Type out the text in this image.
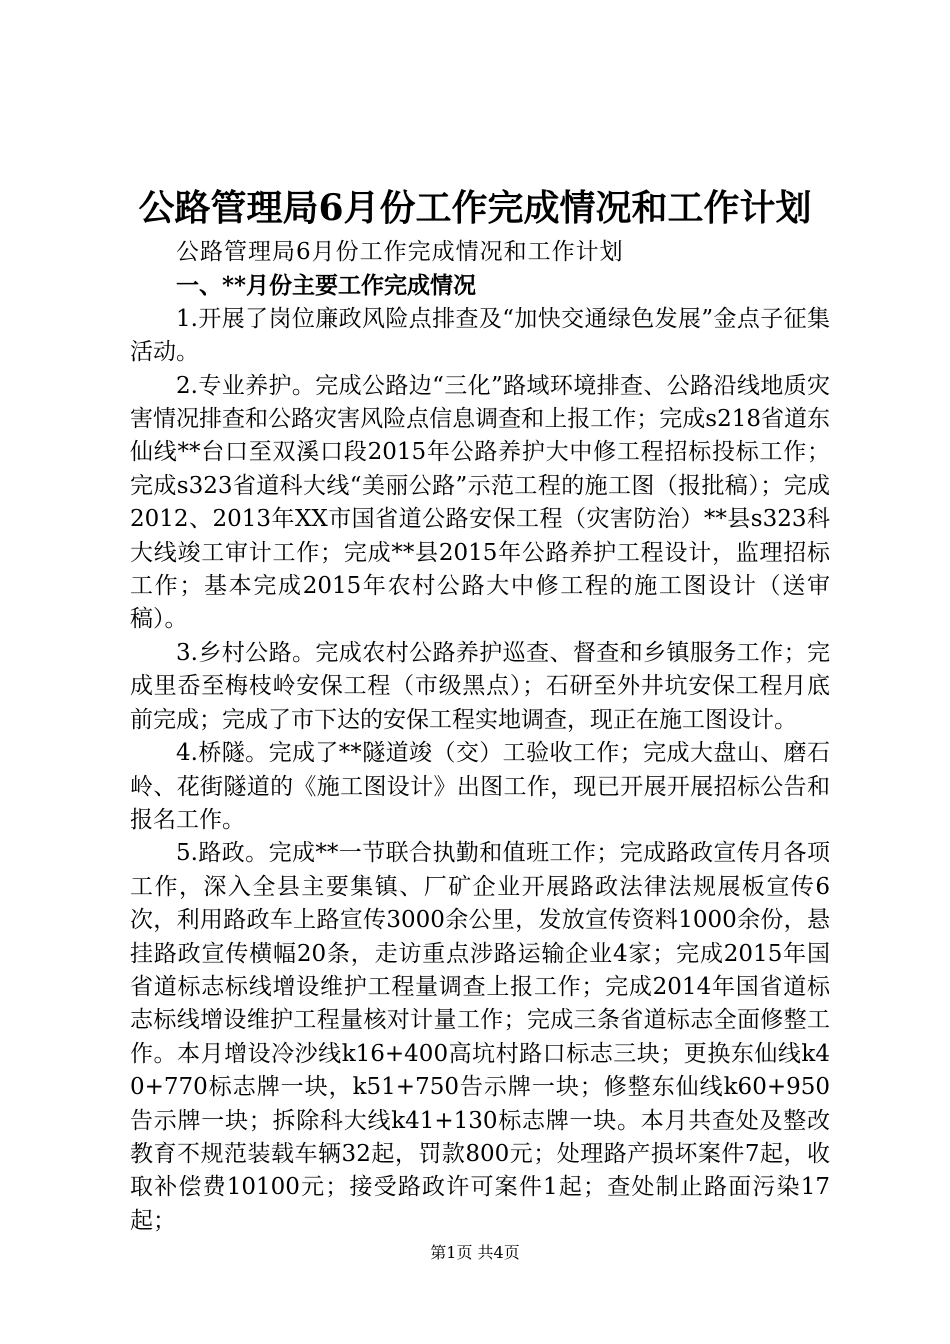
公路管理局6月份工作完成情况和工作计划

公路管理局6月份工作完成情况和工作计划

一、**月份主要工作完成情况

1.开展了岗位廉政风险点排查及“加快交通绿色发展”金点子征集活动。

2.专业养护。完成公路边“三化”路域环境排查、公路沿线地质灾害情况排查和公路灾害风险点信息调查和上报工作；完成s218省道东仙线**台口至双溪口段2015年公路养护大中修工程招标投标工作；完成s323省道科大线“美丽公路”示范工程的施工图（报批稿）；完成2012、2013年XX市国省道公路安保工程（灾害防治）**县s323科大线竣工审计工作；完成**县2015年公路养护工程设计，监理招标工作；基本完成2015年农村公路大中修工程的施工图设计（送审稿）。

3.乡村公路。完成农村公路养护巡查、督查和乡镇服务工作；完成里岙至梅枝岭安保工程（市级黑点）；石研至外井坑安保工程月底前完成；完成了市下达的安保工程实地调查，现正在施工图设计。

4.桥隧。完成了**隧道竣（交）工验收工作；完成大盘山、磨石岭、花街隧道的《施工图设计》出图工作，现已开展开展招标公告和报名工作。

5.路政。完成**一节联合执勤和值班工作；完成路政宣传月各项工作，深入全县主要集镇、厂矿企业开展路政法律法规展板宣传6次，利用路政车上路宣传3000余公里，发放宣传资料1000余份，悬挂路政宣传横幅20条，走访重点涉路运输企业4家；完成2015年国省道标志标线增设维护工程量调查上报工作；完成2014年国省道标志标线增设维护工程量核对计量工作；完成三条省道标志全面修整工作。本月增设冷沙线k16+400高坑村路口标志三块；更换东仙线k40+770标志牌一块，k51+750告示牌一块；修整东仙线k60+950告示牌一块；拆除科大线k41+130标志牌一块。本月共查处及整改教育不规范装载车辆32起，罚款800元；处理路产损坏案件7起，收取补偿费10100元；接受路政许可案件1起；查处制止路面污染17起；

第1页 共4页
